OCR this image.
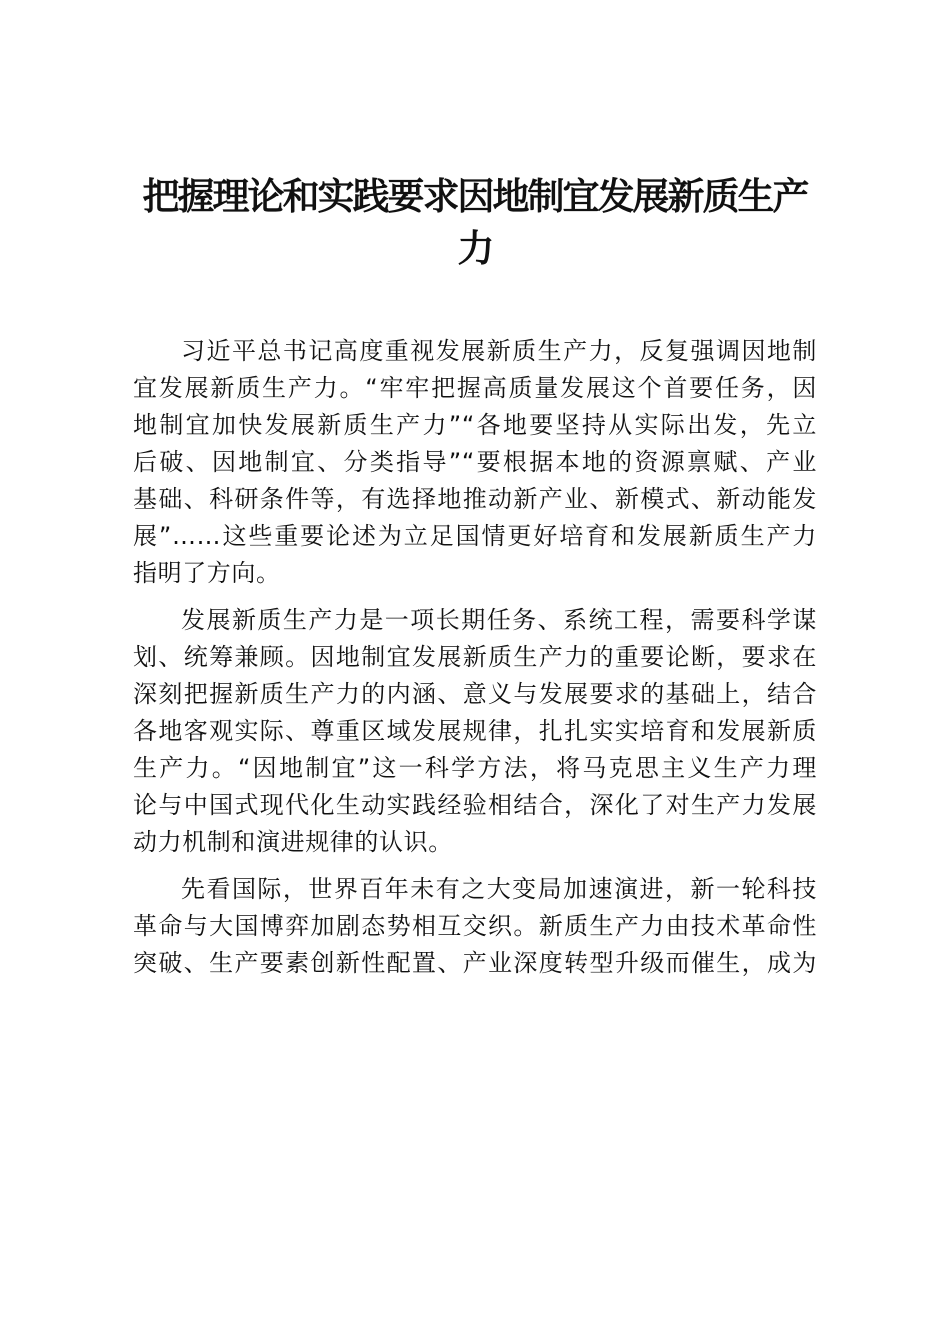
把握理论和实践要求因地制宜发展新质生产
力

习近平总书记高度重视发展新质生产力，反复强调因地制
宜发展新质生产力。“牢牢把握高质量发展这个首要任务，因
地制宜加快发展新质生产力”“各地要坚持从实际出发，先立
后破、因地制宜、分类指导”“要根据本地的资源禀赋、产业
基础、科研条件等，有选择地推动新产业、新模式、新动能发
展”……这些重要论述为立足国情更好培育和发展新质生产力
指明了方向。

发展新质生产力是一项长期任务、系统工程，需要科学谋
划、统筹兼顾。因地制宜发展新质生产力的重要论断，要求在
深刻把握新质生产力的内涵、意义与发展要求的基础上，结合
各地客观实际、尊重区域发展规律，扎扎实实培育和发展新质
生产力。“因地制宜”这一科学方法，将马克思主义生产力理
论与中国式现代化生动实践经验相结合，深化了对生产力发展
动力机制和演进规律的认识。

先看国际，世界百年未有之大变局加速演进，新一轮科技
革命与大国博弈加剧态势相互交织。新质生产力由技术革命性
突破、生产要素创新性配置、产业深度转型升级而催生，成为
